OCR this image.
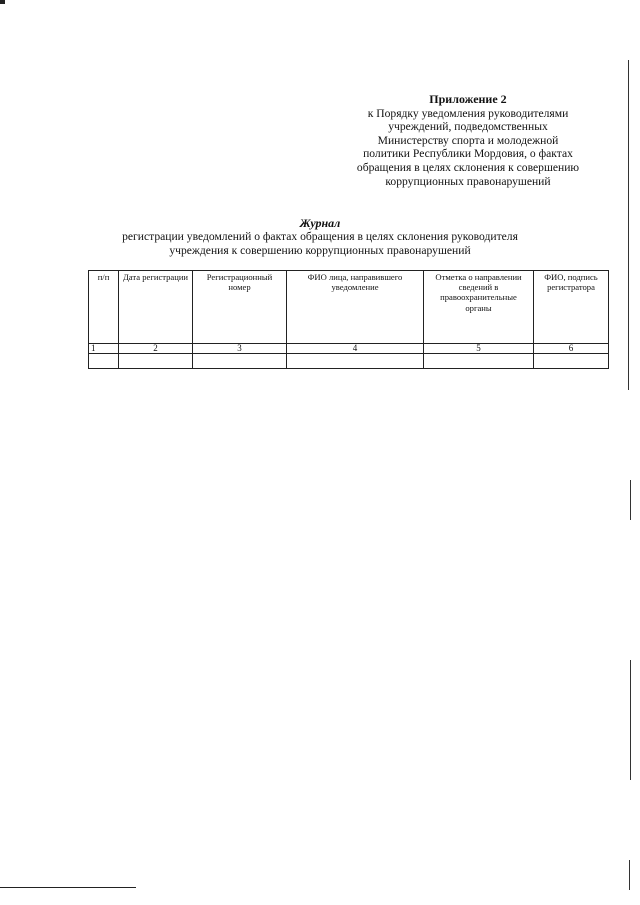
Приложение 2
к Порядку уведомления руководителями
учреждений, подведомственных
Министерству спорта и молодежной
политики Республики Мордовия, о фактах
обращения в целях склонения к совершению
коррупционных правонарушений
Журнал
регистрации уведомлений о фактах обращения в целях склонения руководителя
учреждения к совершению коррупционных правонарушений
п/п	Дата регистрации	Регистрационный номер	ФИО лица, направившего уведомление	Отметка о направлении сведений в правоохранительные органы	ФИО, подпись регистратора
1	2	3	4	5	6
